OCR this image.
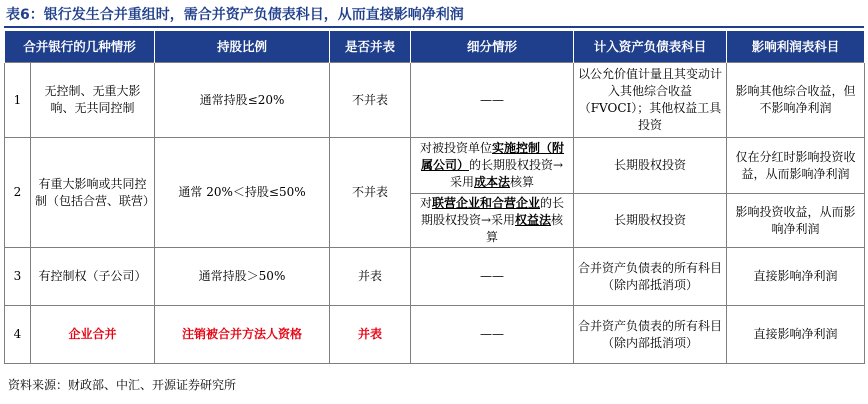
表6：银行发生合并重组时，需合并资产负债表科目，从而直接影响净利润
合并银行的几种情形		持股比例	是否并表	细分情形	计入资产负债表科目	影响利润表科目
1	无控制、无重大影响、无共同控制	通常持股≤20%	不并表	——	以公允价值计量且其变动计入其他综合收益（FVOCI）；其他权益工具投资	影响其他综合收益，但不影响净利润
2	有重大影响或共同控制（包括合营、联营）	通常 20%＜持股≤50%	不并表	对被投资单位实施控制（附属公司）的长期股权投资→采用成本法核算	长期股权投资	仅在分红时影响投资收益，从而影响净利润
				对联营企业和合营企业的长期股权投资→采用权益法核算	长期股权投资	影响投资收益，从而影响净利润
3	有控制权（子公司）	通常持股＞50%	并表	——	合并资产负债表的所有科目（除内部抵消项）	直接影响净利润
4	企业合并	注销被合并方法人资格	并表	——	合并资产负债表的所有科目（除内部抵消项）	直接影响净利润
资料来源：财政部、中汇、开源证券研究所
